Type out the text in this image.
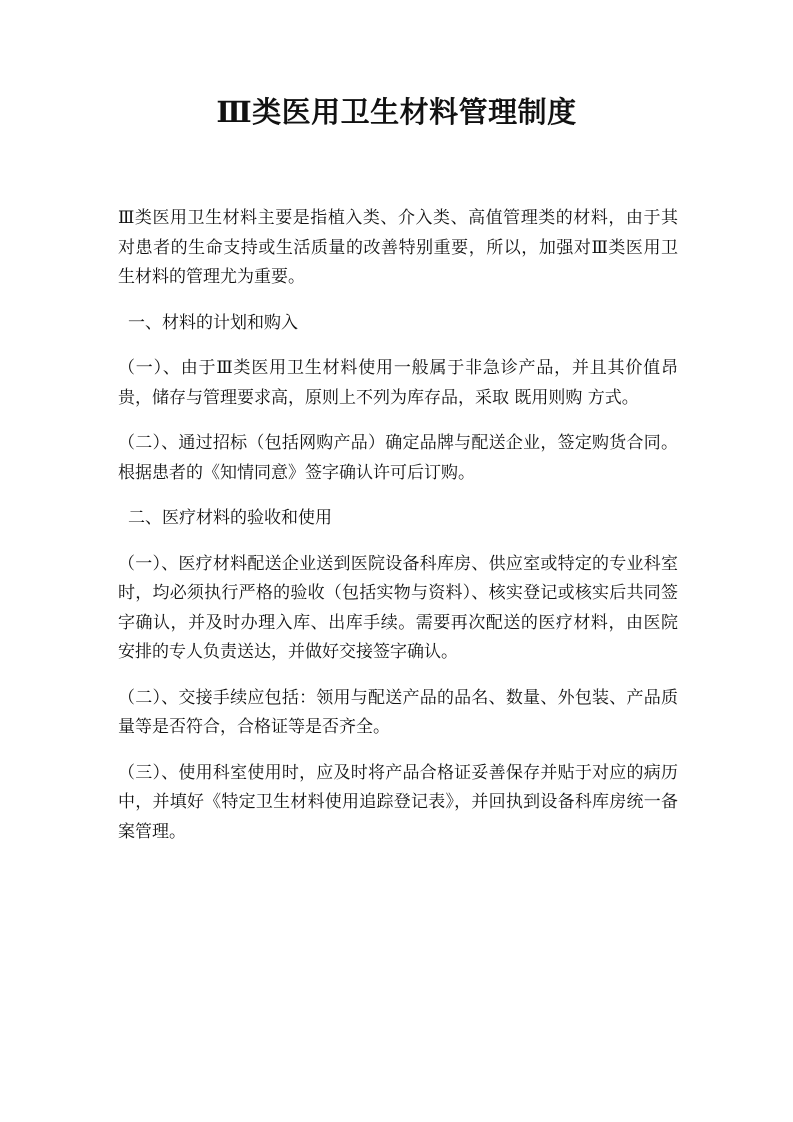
Ⅲ类医用卫生材料管理制度

Ⅲ类医用卫生材料主要是指植入类、介入类、高值管理类的材料，由于其对患者的生命支持或生活质量的改善特别重要，所以，加强对Ⅲ类医用卫生材料的管理尤为重要。

一、材料的计划和购入

（一）、由于Ⅲ类医用卫生材料使用一般属于非急诊产品，并且其价值昂贵，储存与管理要求高，原则上不列为库存品，采取 既用则购 方式。

（二）、通过招标（包括网购产品）确定品牌与配送企业，签定购货合同。根据患者的《知情同意》签字确认许可后订购。

二、医疗材料的验收和使用

（一）、医疗材料配送企业送到医院设备科库房、供应室或特定的专业科室时，均必须执行严格的验收（包括实物与资料）、核实登记或核实后共同签字确认，并及时办理入库、出库手续。需要再次配送的医疗材料，由医院安排的专人负责送达，并做好交接签字确认。

（二）、交接手续应包括：领用与配送产品的品名、数量、外包装、产品质量等是否符合，合格证等是否齐全。

（三）、使用科室使用时，应及时将产品合格证妥善保存并贴于对应的病历中，并填好《特定卫生材料使用追踪登记表》，并回执到设备科库房统一备案管理。
